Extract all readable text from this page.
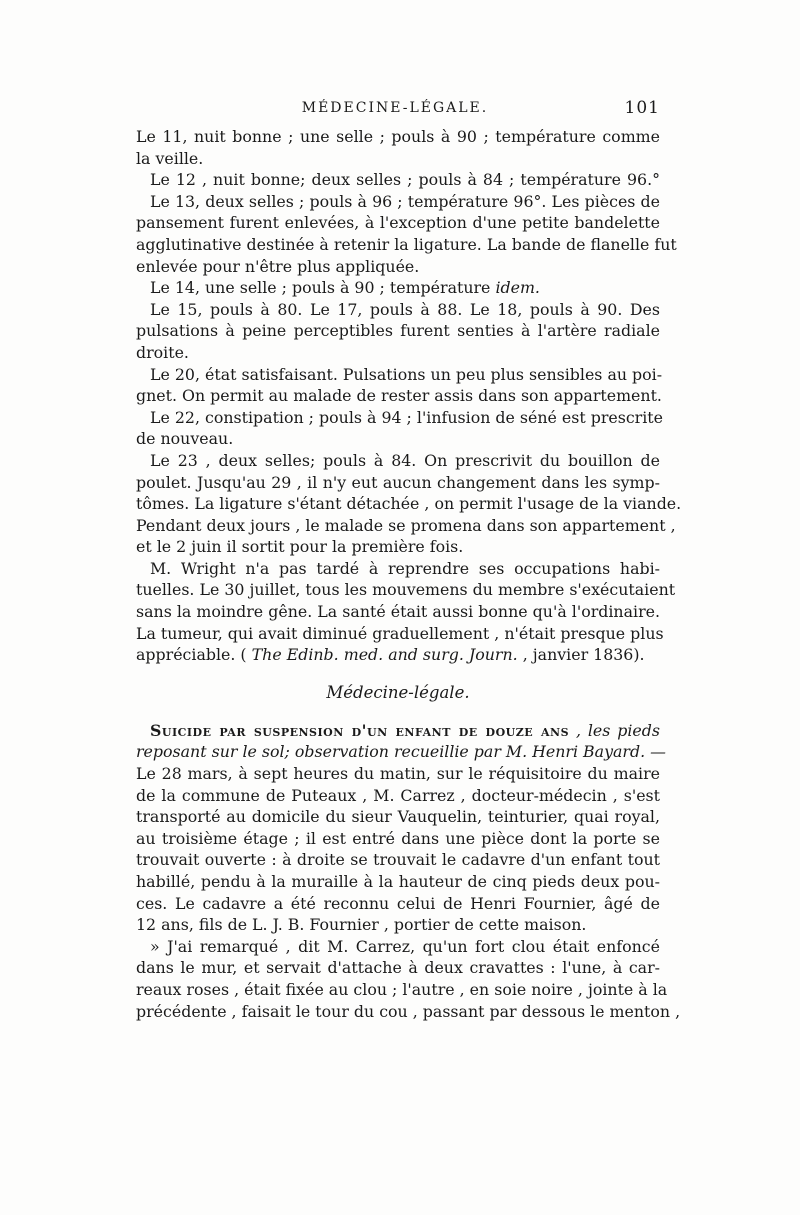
MÉDECINE-LÉGALE.	101
Le 11, nuit bonne ; une selle ; pouls à 90 ; température comme
la veille.
Le 12 , nuit bonne; deux selles ; pouls à 84 ; température 96.°
Le 13, deux selles ; pouls à 96 ; température 96°. Les pièces de
pansement furent enlevées, à l'exception d'une petite bandelette
agglutinative destinée à retenir la ligature. La bande de flanelle fut
enlevée pour n'être plus appliquée.
Le 14, une selle ; pouls à 90 ; température idem.
Le 15, pouls à 80. Le 17, pouls à 88. Le 18, pouls à 90. Des
pulsations à peine perceptibles furent senties à l'artère radiale
droite.
Le 20, état satisfaisant. Pulsations un peu plus sensibles au poi-
gnet. On permit au malade de rester assis dans son appartement.
Le 22, constipation ; pouls à 94 ; l'infusion de séné est prescrite
de nouveau.
Le 23 , deux selles; pouls à 84. On prescrivit du bouillon de
poulet. Jusqu'au 29 , il n'y eut aucun changement dans les symp-
tômes. La ligature s'étant détachée , on permit l'usage de la viande.
Pendant deux jours , le malade se promena dans son appartement ,
et le 2 juin il sortit pour la première fois.
M. Wright n'a pas tardé à reprendre ses occupations habi-
tuelles. Le 30 juillet, tous les mouvemens du membre s'exécutaient
sans la moindre gêne. La santé était aussi bonne qu'à l'ordinaire.
La tumeur, qui avait diminué graduellement , n'était presque plus
appréciable. ( The Edinb. med. and surg. Journ. , janvier 1836).
Médecine-légale.
Suicide par suspension d'un enfant de douze ans , les pieds
reposant sur le sol; observation recueillie par M. Henri Bayard. —
Le 28 mars, à sept heures du matin, sur le réquisitoire du maire
de la commune de Puteaux , M. Carrez , docteur-médecin , s'est
transporté au domicile du sieur Vauquelin, teinturier, quai royal,
au troisième étage ; il est entré dans une pièce dont la porte se
trouvait ouverte : à droite se trouvait le cadavre d'un enfant tout
habillé, pendu à la muraille à la hauteur de cinq pieds deux pou-
ces. Le cadavre a été reconnu celui de Henri Fournier, âgé de
12 ans, fils de L. J. B. Fournier , portier de cette maison.
» J'ai remarqué , dit M. Carrez, qu'un fort clou était enfoncé
dans le mur, et servait d'attache à deux cravattes : l'une, à car-
reaux roses , était fixée au clou ; l'autre , en soie noire , jointe à la
précédente , faisait le tour du cou , passant par dessous le menton ,
